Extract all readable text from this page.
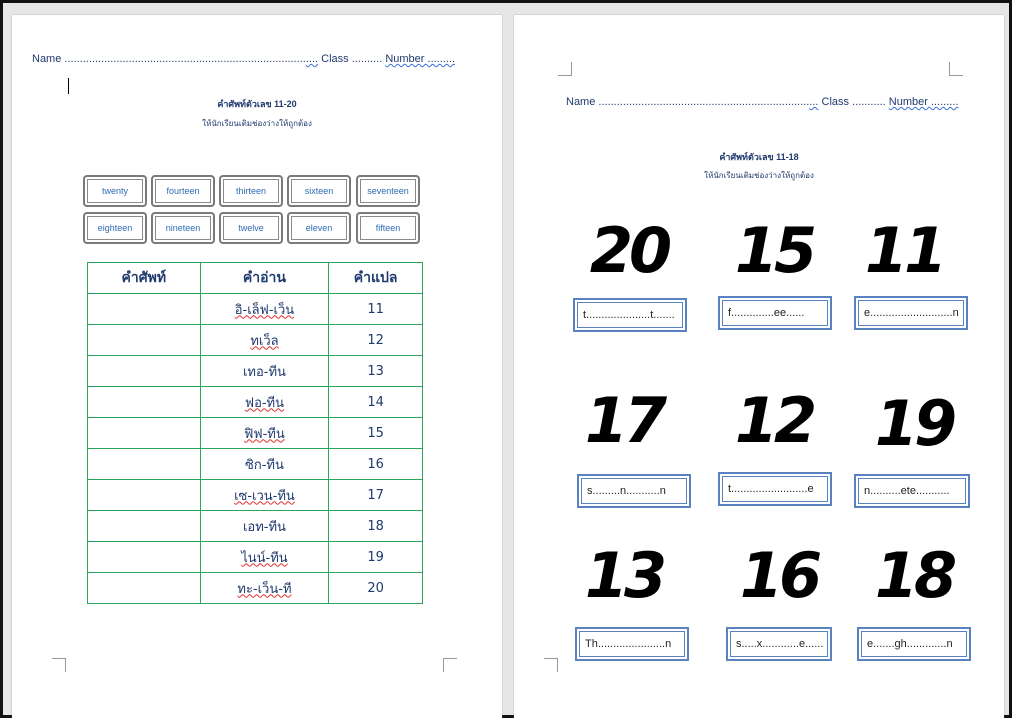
Name ................................................................................... Class .......... Number .........
คำศัพท์ตัวเลข 11-20
ให้นักเรียนเติมช่องว่างให้ถูกต้อง
twenty	fourteen	thirteen	sixteen	seventeen
eighteen	nineteen	twelve	eleven	fifteen
คำศัพท์	คำอ่าน	คำแปล
	อิ-เล็ฟ-เว็น	11
	ทเว็ล	12
	เทอ-ทีน	13
	ฟอ-ทีน	14
	ฟิฟ-ทีน	15
	ซิก-ทีน	16
	เซ-เวน-ทีน	17
	เอท-ทีน	18
	ไนน์-ทีน	19
	ทะ-เว็น-ที	20
Name ........................................................................ Class ........... Number .........
คำศัพท์ตัวเลข 11-18
ให้นักเรียนเติมช่องว่างให้ถูกต้อง
20
t.....................t.......
15
f..............ee......
11
e...........................n
17
s.........n...........n
12
t.........................e
19
n..........ete...........
13
Th......................n
16
s.....x............e......
18
e.......gh.............n
